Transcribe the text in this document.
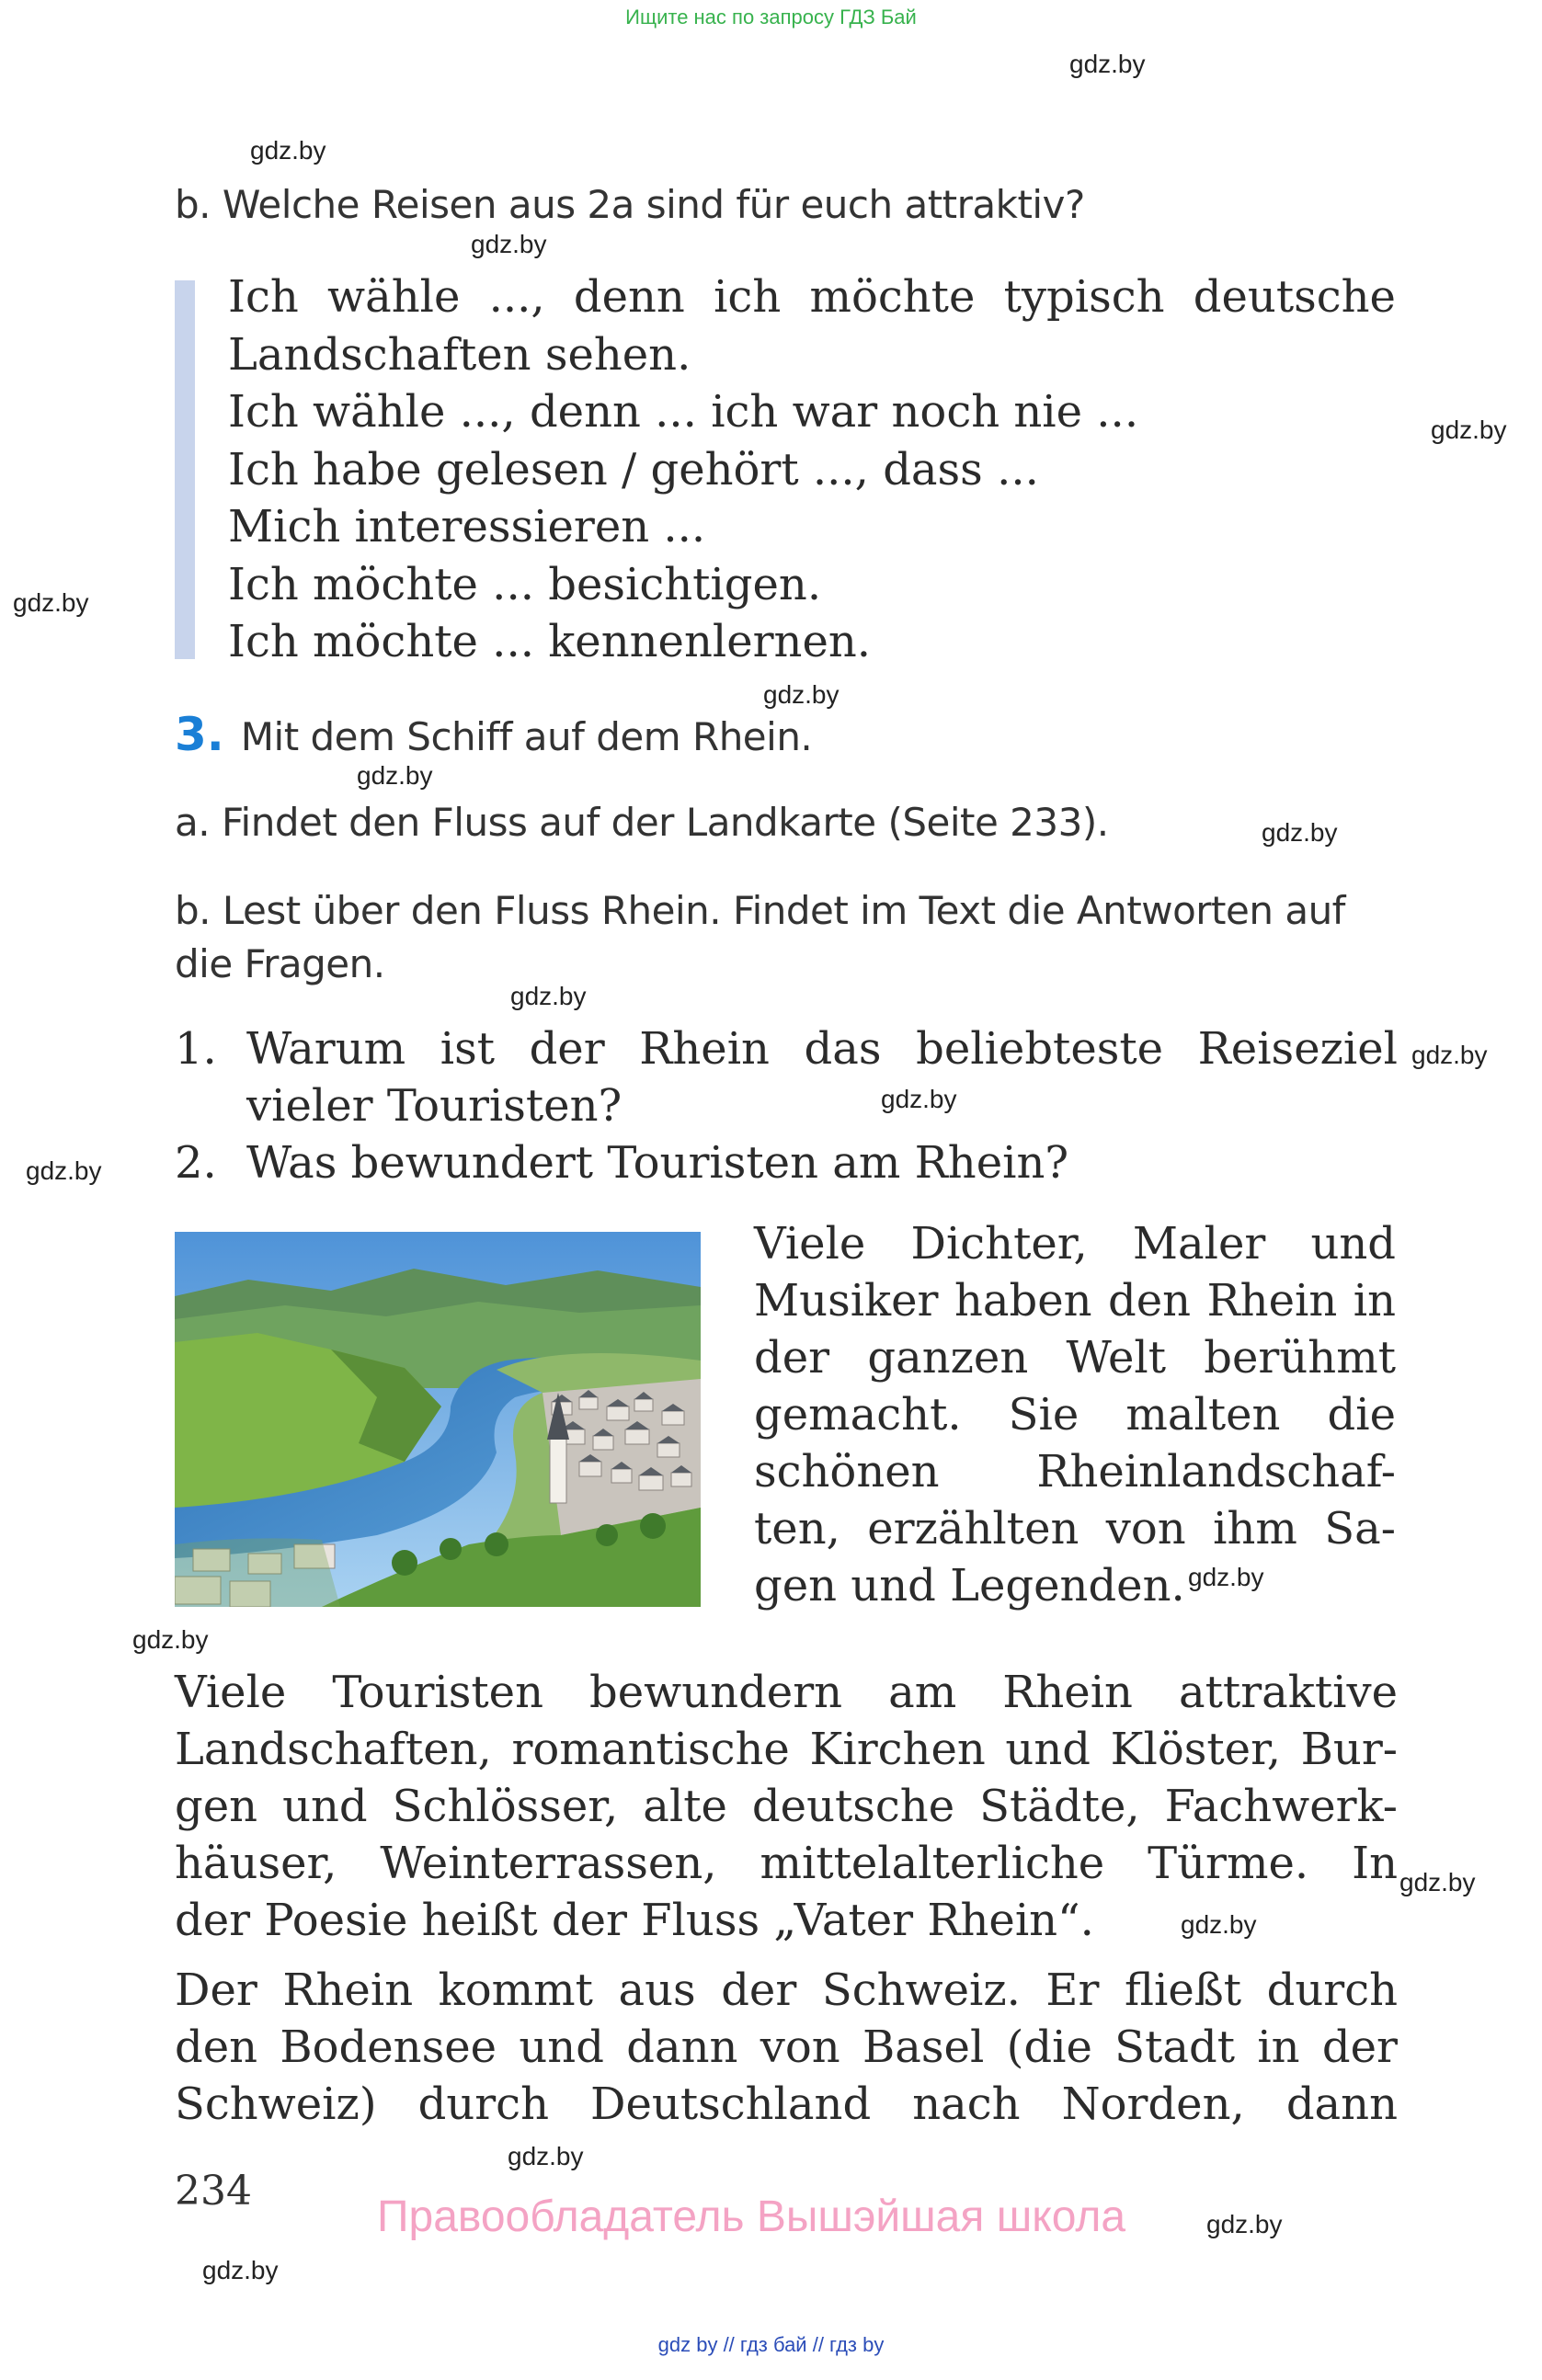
Ищите нас по запросу ГДЗ Бай
gdz.by
gdz.by
gdz.by
gdz.by
gdz.by
gdz.by
gdz.by
gdz.by
gdz.by
gdz.by
gdz.by
gdz.by
gdz.by
gdz.by
gdz.by
gdz.by
gdz.by
gdz.by
gdz.by
b. Welche Reisen aus 2a sind für euch attraktiv?
Ich wähle ..., denn ich möchte typisch deutsche
Landschaften sehen.
Ich wähle ..., denn ... ich war noch nie ...
Ich habe gelesen / gehört ..., dass ...
Mich interessieren ...
Ich möchte ... besichtigen.
Ich möchte ... kennenlernen.
3. Mit dem Schiff auf dem Rhein.
a. Findet den Fluss auf der Landkarte (Seite 233).
b. Lest über den Fluss Rhein. Findet im Text die Antworten auf die Fragen.
1. Warum ist der Rhein das beliebteste Reiseziel
vieler Touristen?
2. Was bewundert Touristen am Rhein?
Viele Dichter, Maler und
Musiker haben den Rhein in
der ganzen Welt berühmt
gemacht. Sie malten die
schönen Rheinlandschaf-
ten, erzählten von ihm Sa-
gen und Legenden.
Viele Touristen bewundern am Rhein attraktive
Landschaften, romantische Kirchen und Klöster, Bur-
gen und Schlösser, alte deutsche Städte, Fachwerk-
häuser, Weinterrassen, mittelalterliche Türme. In
der Poesie heißt der Fluss „Vater Rhein“.
Der Rhein kommt aus der Schweiz. Er fließt durch
den Bodensee und dann von Basel (die Stadt in der
Schweiz) durch Deutschland nach Norden, dann
234
Правообладатель Вышэйшая школа
gdz by // гдз бай // гдз by
